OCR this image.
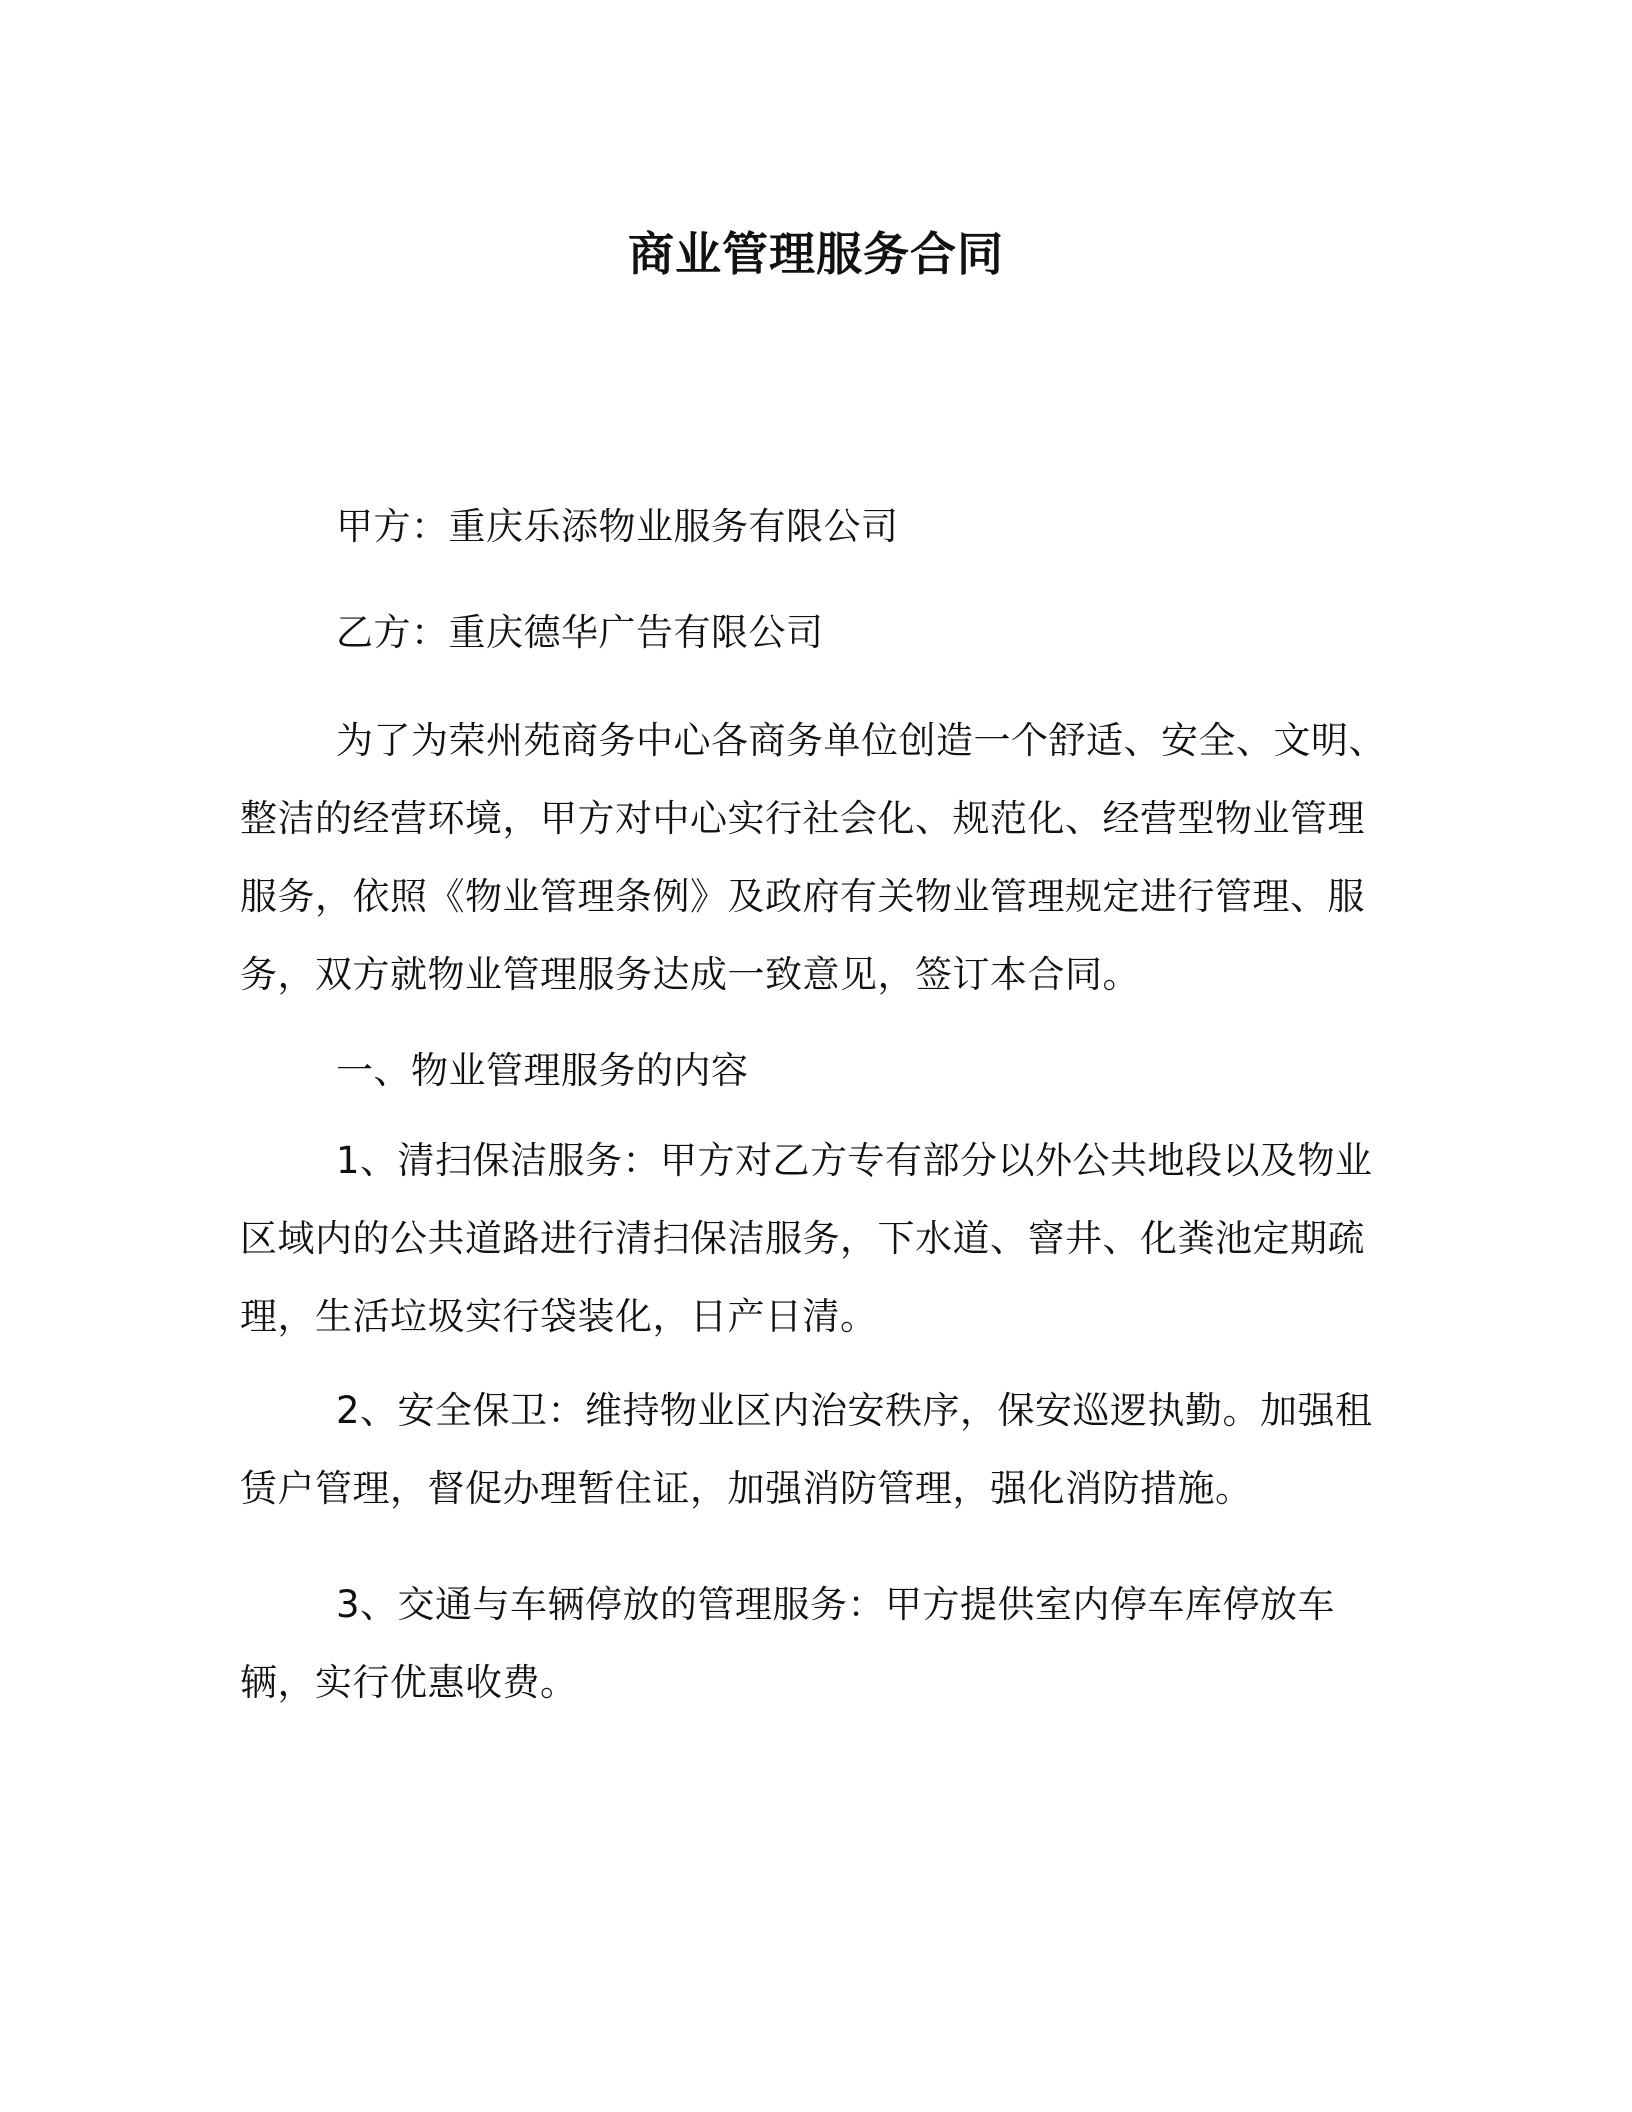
商业管理服务合同

甲方：重庆乐添物业服务有限公司

乙方：重庆德华广告有限公司

为了为荣州苑商务中心各商务单位创造一个舒适、安全、文明、整洁的经营环境，甲方对中心实行社会化、规范化、经营型物业管理服务，依照《物业管理条例》及政府有关物业管理规定进行管理、服务，双方就物业管理服务达成一致意见，签订本合同。

一、物业管理服务的内容

1、清扫保洁服务：甲方对乙方专有部分以外公共地段以及物业区域内的公共道路进行清扫保洁服务，下水道、窨井、化粪池定期疏理，生活垃圾实行袋装化，日产日清。

2、安全保卫：维持物业区内治安秩序，保安巡逻执勤。加强租赁户管理，督促办理暂住证，加强消防管理，强化消防措施。

3、交通与车辆停放的管理服务：甲方提供室内停车库停放车辆，实行优惠收费。
